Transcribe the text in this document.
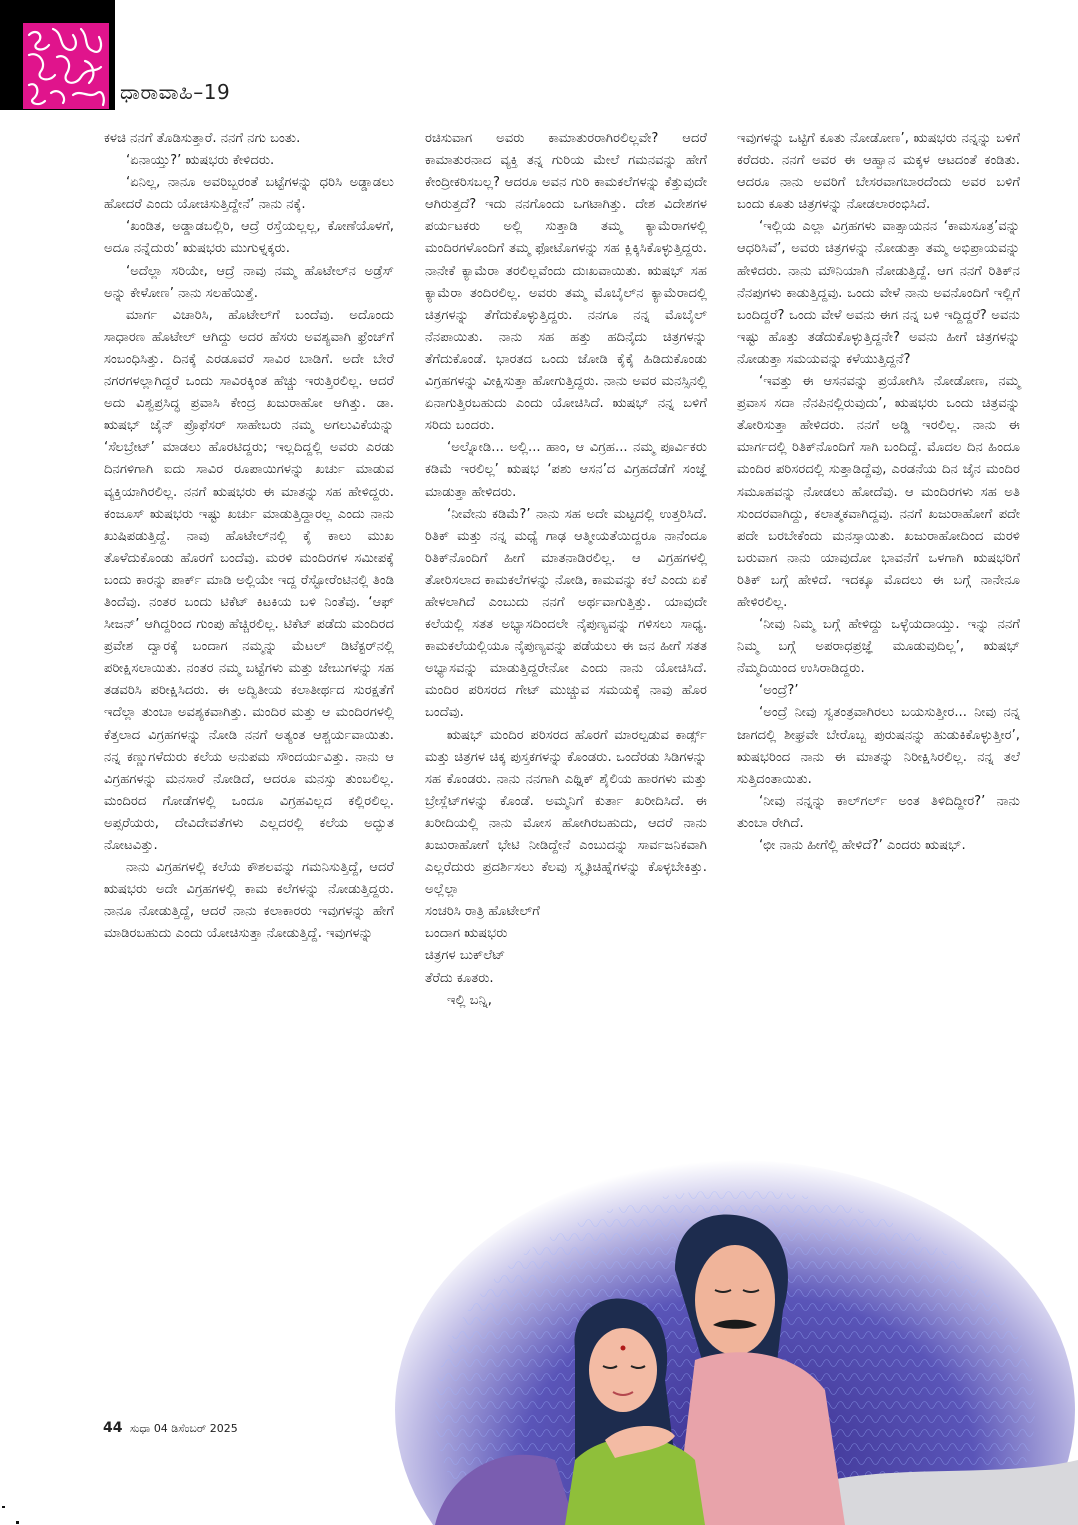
ಧಾರಾವಾಹಿ–19

ಕಳಚಿ ನನಗೆ ತೊಡಿಸುತ್ತಾರೆ. ನನಗೆ ನಗು ಬಂತು.

‘ಏನಾಯ್ತು?’ ಋಷಭರು ಕೇಳಿದರು.

‘ಏನಿಲ್ಲ, ನಾನೂ ಅವರಿಬ್ಬರಂತೆ ಬಟ್ಟೆಗಳನ್ನು ಧರಿಸಿ ಅಡ್ಡಾಡಲು ಹೋದರೆ ಎಂದು ಯೋಚಿಸುತ್ತಿದ್ದೇನೆ’ ನಾನು ನಕ್ಕೆ.

‘ಖಂಡಿತ, ಅಡ್ಡಾಡಬಲ್ಲಿರಿ, ಆದ್ರೆ ರಸ್ತೆಯಲ್ಲಲ್ಲ, ಕೋಣೆಯೊಳಗೆ, ಅದೂ ನನ್ನೆದುರು’ ಋಷಭರು ಮುಗುಳ್ನಕ್ಕರು.

‘ಅದೆಲ್ಲಾ ಸರಿಯೇ, ಆದ್ರೆ ನಾವು ನಮ್ಮ ಹೊಟೇಲ್‌ನ ಅಡ್ರೆಸ್ ಅನ್ನು ಕೇಳೋಣ’ ನಾನು ಸಲಹೆಯಿತ್ತೆ.

ಮಾರ್ಗ ವಿಚಾರಿಸಿ, ಹೊಟೇಲ್‌ಗೆ ಬಂದೆವು. ಅದೊಂದು ಸಾಧಾರಣ ಹೊಟೇಲ್ ಆಗಿದ್ದು ಅದರ ಹೆಸರು ಅವಶ್ಯವಾಗಿ ಫ್ರೆಂಚ್‌ಗೆ ಸಂಬಂಧಿಸಿತ್ತು. ದಿನಕ್ಕೆ ಎರಡೂವರೆ ಸಾವಿರ ಬಾಡಿಗೆ. ಅದೇ ಬೇರೆ ನಗರಗಳಲ್ಲಾಗಿದ್ದರೆ ಒಂದು ಸಾವಿರಕ್ಕಿಂತ ಹೆಚ್ಚು ಇರುತ್ತಿರಲಿಲ್ಲ. ಆದರೆ ಅದು ವಿಶ್ವಪ್ರಸಿದ್ಧ ಪ್ರವಾಸಿ ಕೇಂದ್ರ ಖಜುರಾಹೋ ಆಗಿತ್ತು. ಡಾ. ಋಷಭ್ ಜೈನ್ ಪ್ರೊಫೆಸರ್ ಸಾಹೇಬರು ನಮ್ಮ ಅಗಲುವಿಕೆಯನ್ನು ‘ಸೆಲಬ್ರೇಟ್’ ಮಾಡಲು ಹೊರಟಿದ್ದರು; ಇಲ್ಲದಿದ್ದಲ್ಲಿ ಅವರು ಎರಡು ದಿನಗಳಿಗಾಗಿ ಐದು ಸಾವಿರ ರೂಪಾಯಿಗಳನ್ನು ಖರ್ಚು ಮಾಡುವ ವ್ಯಕ್ತಿಯಾಗಿರಲಿಲ್ಲ. ನನಗೆ ಋಷಭರು ಈ ಮಾತನ್ನು ಸಹ ಹೇಳಿದ್ದರು. ಕಂಜೂಸ್ ಋಷಭರು ಇಷ್ಟು ಖರ್ಚು ಮಾಡುತ್ತಿದ್ದಾರಲ್ಲ ಎಂದು ನಾನು ಖುಷಿಪಡುತ್ತಿದ್ದೆ. ನಾವು ಹೊಟೇಲ್‌ನಲ್ಲಿ ಕೈ ಕಾಲು ಮುಖ ತೊಳೆದುಕೊಂಡು ಹೊರಗೆ ಬಂದೆವು. ಮರಳಿ ಮಂದಿರಗಳ ಸಮೀಪಕ್ಕೆ ಬಂದು ಕಾರನ್ನು ಪಾರ್ಕ್ ಮಾಡಿ ಅಲ್ಲಿಯೇ ಇದ್ದ ರೆಸ್ಟೋರೆಂಟಿನಲ್ಲಿ ತಿಂಡಿ ತಿಂದೆವು. ನಂತರ ಬಂದು ಟಿಕೆಟ್ ಕಿಟಕಿಯ ಬಳಿ ನಿಂತೆವು. ‘ಆಫ್ ಸೀಜನ್’ ಆಗಿದ್ದರಿಂದ ಗುಂಪು ಹೆಚ್ಚಿರಲಿಲ್ಲ. ಟಿಕೆಟ್ ಪಡೆದು ಮಂದಿರದ ಪ್ರವೇಶ ದ್ವಾರಕ್ಕೆ ಬಂದಾಗ ನಮ್ಮನ್ನು ಮೆಟಲ್ ಡಿಟೆಕ್ಟರ್‌ನಲ್ಲಿ ಪರೀಕ್ಷಿಸಲಾಯಿತು. ನಂತರ ನಮ್ಮ ಬಟ್ಟೆಗಳು ಮತ್ತು ಜೇಬುಗಳನ್ನು ಸಹ ತಡವರಿಸಿ ಪರೀಕ್ಷಿಸಿದರು. ಈ ಅದ್ವಿತೀಯ ಕಲಾತೀರ್ಥದ ಸುರಕ್ಷತೆಗೆ ಇದೆಲ್ಲಾ ತುಂಬಾ ಅವಶ್ಯಕವಾಗಿತ್ತು. ಮಂದಿರ ಮತ್ತು ಆ ಮಂದಿರಗಳಲ್ಲಿ ಕೆತ್ತಲಾದ ವಿಗ್ರಹಗಳನ್ನು ನೋಡಿ ನನಗೆ ಅತ್ಯಂತ ಆಶ್ಚರ್ಯವಾಯಿತು. ನನ್ನ ಕಣ್ಣುಗಳೆದುರು ಕಲೆಯ ಅನುಪಮ ಸೌಂದರ್ಯವಿತ್ತು. ನಾನು ಆ ವಿಗ್ರಹಗಳನ್ನು ಮನಸಾರೆ ನೋಡಿದೆ, ಆದರೂ ಮನಸ್ಸು ತುಂಬಲಿಲ್ಲ. ಮಂದಿರದ ಗೋಡೆಗಳಲ್ಲಿ ಒಂದೂ ವಿಗ್ರಹವಿಲ್ಲದ ಕಲ್ಲಿರಲಿಲ್ಲ. ಅಪ್ಸರೆಯರು, ದೇವಿದೇವತೆಗಳು ಎಲ್ಲದರಲ್ಲಿ ಕಲೆಯ ಅದ್ಭುತ ನೋಟವಿತ್ತು.

ನಾನು ವಿಗ್ರಹಗಳಲ್ಲಿ ಕಲೆಯ ಕೌಶಲವನ್ನು ಗಮನಿಸುತ್ತಿದ್ದೆ, ಆದರೆ ಋಷಭರು ಅದೇ ವಿಗ್ರಹಗಳಲ್ಲಿ ಕಾಮ ಕಲೆಗಳನ್ನು ನೋಡುತ್ತಿದ್ದರು. ನಾನೂ ನೋಡುತ್ತಿದ್ದೆ, ಆದರೆ ನಾನು ಕಲಾಕಾರರು ಇವುಗಳನ್ನು ಹೇಗೆ ಮಾಡಿರಬಹುದು ಎಂದು ಯೋಚಿಸುತ್ತಾ ನೋಡುತ್ತಿದ್ದೆ. ಇವುಗಳನ್ನು

ರಚಿಸುವಾಗ ಅವರು ಕಾಮಾತುರರಾಗಿರಲಿಲ್ಲವೇ? ಆದರೆ ಕಾಮಾತುರನಾದ ವ್ಯಕ್ತಿ ತನ್ನ ಗುರಿಯ ಮೇಲೆ ಗಮನವನ್ನು ಹೇಗೆ ಕೇಂದ್ರೀಕರಿಸಬಲ್ಲ? ಆದರೂ ಅವನ ಗುರಿ ಕಾಮಕಲೆಗಳನ್ನು ಕೆತ್ತುವುದೇ ಆಗಿರುತ್ತದೆ? ಇದು ನನಗೊಂದು ಒಗಟಾಗಿತ್ತು. ದೇಶ ವಿದೇಶಗಳ ಪರ್ಯಟಕರು ಅಲ್ಲಿ ಸುತ್ತಾಡಿ ತಮ್ಮ ಕ್ಯಾಮೆರಾಗಳಲ್ಲಿ ಮಂದಿರಗಳೊಂದಿಗೆ ತಮ್ಮ ಫೋಟೊಗಳನ್ನು ಸಹ ಕ್ಲಿಕ್ಕಿಸಿಕೊಳ್ಳುತ್ತಿದ್ದರು. ನಾನೇಕೆ ಕ್ಯಾಮೆರಾ ತರಲಿಲ್ಲವೆಂದು ದುಃಖವಾಯಿತು. ಋಷಭ್ ಸಹ ಕ್ಯಾಮೆರಾ ತಂದಿರಲಿಲ್ಲ. ಅವರು ತಮ್ಮ ಮೊಬೈಲ್‌ನ ಕ್ಯಾಮೆರಾದಲ್ಲಿ ಚಿತ್ರಗಳನ್ನು ತೆಗೆದುಕೊಳ್ಳುತ್ತಿದ್ದರು. ನನಗೂ ನನ್ನ ಮೊಬೈಲ್ ನೆನಪಾಯಿತು. ನಾನು ಸಹ ಹತ್ತು ಹದಿನೈದು ಚಿತ್ರಗಳನ್ನು ತೆಗೆದುಕೊಂಡೆ. ಭಾರತದ ಒಂದು ಜೋಡಿ ಕೈಕೈ ಹಿಡಿದುಕೊಂಡು ವಿಗ್ರಹಗಳನ್ನು ವೀಕ್ಷಿಸುತ್ತಾ ಹೋಗುತ್ತಿದ್ದರು. ನಾನು ಅವರ ಮನಸ್ಸಿನಲ್ಲಿ ಏನಾಗುತ್ತಿರಬಹುದು ಎಂದು ಯೋಚಿಸಿದೆ. ಋಷಭ್ ನನ್ನ ಬಳಿಗೆ ಸರಿದು ಬಂದರು.

‘ಅಲ್ನೋಡಿ... ಅಲ್ಲಿ... ಹಾಂ, ಆ ವಿಗ್ರಹ... ನಮ್ಮ ಪೂರ್ವಿಕರು ಕಡಿಮೆ ಇರಲಿಲ್ಲ’ ಋಷಭ ‘ಪಶು ಆಸನ’ದ ವಿಗ್ರಹದೆಡೆಗೆ ಸಂಜ್ಞೆ ಮಾಡುತ್ತಾ ಹೇಳಿದರು.

‘ನೀವೇನು ಕಡಿಮೆ?’ ನಾನು ಸಹ ಅದೇ ಮಟ್ಟದಲ್ಲಿ ಉತ್ತರಿಸಿದೆ. ರಿತಿಕ್ ಮತ್ತು ನನ್ನ ಮಧ್ಯೆ ಗಾಢ ಆತ್ಮೀಯತೆಯಿದ್ದರೂ ನಾನೆಂದೂ ರಿತಿಕ್‌ನೊಂದಿಗೆ ಹೀಗೆ ಮಾತನಾಡಿರಲಿಲ್ಲ. ಆ ವಿಗ್ರಹಗಳಲ್ಲಿ ತೋರಿಸಲಾದ ಕಾಮಕಲೆಗಳನ್ನು ನೋಡಿ, ಕಾಮವನ್ನು ಕಲೆ ಎಂದು ಏಕೆ ಹೇಳಲಾಗಿದೆ ಎಂಬುದು ನನಗೆ ಅರ್ಥವಾಗುತ್ತಿತ್ತು. ಯಾವುದೇ ಕಲೆಯಲ್ಲಿ ಸತತ ಅಭ್ಯಾಸದಿಂದಲೇ ನೈಪುಣ್ಯವನ್ನು ಗಳಿಸಲು ಸಾಧ್ಯ. ಕಾಮಕಲೆಯಲ್ಲಿಯೂ ನೈಪುಣ್ಯವನ್ನು ಪಡೆಯಲು ಈ ಜನ ಹೀಗೆ ಸತತ ಅಭ್ಯಾಸವನ್ನು ಮಾಡುತ್ತಿದ್ದರೇನೋ ಎಂದು ನಾನು ಯೋಚಿಸಿದೆ. ಮಂದಿರ ಪರಿಸರದ ಗೇಟ್ ಮುಚ್ಚುವ ಸಮಯಕ್ಕೆ ನಾವು ಹೊರ ಬಂದೆವು.

ಋಷಭ್ ಮಂದಿರ ಪರಿಸರದ ಹೊರಗೆ ಮಾರಲ್ಪಡುವ ಕಾರ್ಡ್ಸ್ ಮತ್ತು ಚಿತ್ರಗಳ ಚಿಕ್ಕ ಪುಸ್ತಕಗಳನ್ನು ಕೊಂಡರು. ಒಂದೆರಡು ಸಿಡಿಗಳನ್ನು ಸಹ ಕೊಂಡರು. ನಾನು ನನಗಾಗಿ ಎಥ್ನಿಕ್ ಶೈಲಿಯ ಹಾರಗಳು ಮತ್ತು ಬ್ರೇಸ್ಲೆಟ್‌ಗಳನ್ನು ಕೊಂಡೆ. ಅಮ್ಮನಿಗೆ ಕುರ್ತಾ ಖರೀದಿಸಿದೆ. ಈ ಖರೀದಿಯಲ್ಲಿ ನಾನು ಮೋಸ ಹೋಗಿರಬಹುದು, ಆದರೆ ನಾನು ಖಜುರಾಹೋಗೆ ಭೇಟಿ ನೀಡಿದ್ದೇನೆ ಎಂಬುದನ್ನು ಸಾರ್ವಜನಿಕವಾಗಿ ಎಲ್ಲರೆದುರು ಪ್ರದರ್ಶಿಸಲು ಕೆಲವು ಸ್ಮೃತಿಚಿಹ್ನೆಗಳನ್ನು ಕೊಳ್ಳಬೇಕಿತ್ತು. ಅಲ್ಲೆಲ್ಲಾ

ಸಂಚರಿಸಿ ರಾತ್ರಿ ಹೊಟೇಲ್‌ಗೆ

ಬಂದಾಗ ಋಷಭರು

ಚಿತ್ರಗಳ ಬುಕ್‌ಲೆಟ್

ತೆರೆದು ಕೂತರು.

ಇಲ್ಲಿ ಬನ್ನಿ,

ಇವುಗಳನ್ನು ಒಟ್ಟಿಗೆ ಕೂತು ನೋಡೋಣ’, ಋಷಭರು ನನ್ನನ್ನು ಬಳಿಗೆ ಕರೆದರು. ನನಗೆ ಅವರ ಈ ಆಹ್ವಾನ ಮಕ್ಕಳ ಆಟದಂತೆ ಕಂಡಿತು. ಆದರೂ ನಾನು ಅವರಿಗೆ ಬೇಸರವಾಗಬಾರದೆಂದು ಅವರ ಬಳಿಗೆ ಬಂದು ಕೂತು ಚಿತ್ರಗಳನ್ನು ನೋಡಲಾರಂಭಿಸಿದೆ.

‘ಇಲ್ಲಿಯ ಎಲ್ಲಾ ವಿಗ್ರಹಗಳು ವಾತ್ಸಾಯನನ ‘ಕಾಮಸೂತ್ರ’ವನ್ನು ಆಧರಿಸಿವೆ’, ಅವರು ಚಿತ್ರಗಳನ್ನು ನೋಡುತ್ತಾ ತಮ್ಮ ಅಭಿಪ್ರಾಯವನ್ನು ಹೇಳಿದರು. ನಾನು ಮೌನಿಯಾಗಿ ನೋಡುತ್ತಿದ್ದೆ. ಆಗ ನನಗೆ ರಿತಿಕ್‌ನ ನೆನಪುಗಳು ಕಾಡುತ್ತಿದ್ದವು. ಒಂದು ವೇಳೆ ನಾನು ಅವನೊಂದಿಗೆ ಇಲ್ಲಿಗೆ ಬಂದಿದ್ದರೆ? ಒಂದು ವೇಳೆ ಅವನು ಈಗ ನನ್ನ ಬಳಿ ಇದ್ದಿದ್ದರೆ? ಅವನು ಇಷ್ಟು ಹೊತ್ತು ತಡೆದುಕೊಳ್ಳುತ್ತಿದ್ದನೇ? ಅವನು ಹೀಗೆ ಚಿತ್ರಗಳನ್ನು ನೋಡುತ್ತಾ ಸಮಯವನ್ನು ಕಳೆಯುತ್ತಿದ್ದನೆ?

‘ಇವತ್ತು ಈ ಆಸನವನ್ನು ಪ್ರಯೋಗಿಸಿ ನೋಡೋಣ, ನಮ್ಮ ಪ್ರವಾಸ ಸದಾ ನೆನಪಿನಲ್ಲಿರುವುದು’, ಋಷಭರು ಒಂದು ಚಿತ್ರವನ್ನು ತೋರಿಸುತ್ತಾ ಹೇಳಿದರು. ನನಗೆ ಅಡ್ಡಿ ಇರಲಿಲ್ಲ. ನಾನು ಈ ಮಾರ್ಗದಲ್ಲಿ ರಿತಿಕ್‌ನೊಂದಿಗೆ ಸಾಗಿ ಬಂದಿದ್ದೆ. ಮೊದಲ ದಿನ ಹಿಂದೂ ಮಂದಿರ ಪರಿಸರದಲ್ಲಿ ಸುತ್ತಾಡಿದ್ದೆವು, ಎರಡನೆಯ ದಿನ ಜೈನ ಮಂದಿರ ಸಮೂಹವನ್ನು ನೋಡಲು ಹೋದೆವು. ಆ ಮಂದಿರಗಳು ಸಹ ಅತಿ ಸುಂದರವಾಗಿದ್ದು, ಕಲಾತ್ಮಕವಾಗಿದ್ದವು. ನನಗೆ ಖಜುರಾಹೋಗೆ ಪದೇ ಪದೇ ಬರಬೇಕೆಂದು ಮನಸ್ಸಾಯಿತು. ಖಜುರಾಹೋದಿಂದ ಮರಳಿ ಬರುವಾಗ ನಾನು ಯಾವುದೋ ಭಾವನೆಗೆ ಒಳಗಾಗಿ ಋಷಭರಿಗೆ ರಿತಿಕ್ ಬಗ್ಗೆ ಹೇಳಿದೆ. ಇದಕ್ಕೂ ಮೊದಲು ಈ ಬಗ್ಗೆ ನಾನೇನೂ ಹೇಳಿರಲಿಲ್ಲ.

‘ನೀವು ನಿಮ್ಮ ಬಗ್ಗೆ ಹೇಳಿದ್ದು ಒಳ್ಳೆಯದಾಯ್ತು. ಇನ್ನು ನನಗೆ ನಿಮ್ಮ ಬಗ್ಗೆ ಅಪರಾಧಪ್ರಜ್ಞೆ ಮೂಡುವುದಿಲ್ಲ’, ಋಷಭ್ ನೆಮ್ಮದಿಯಿಂದ ಉಸಿರಾಡಿದ್ದರು.

‘ಅಂದ್ರೆ?’

‘ಅಂದ್ರೆ ನೀವು ಸ್ವತಂತ್ರವಾಗಿರಲು ಬಯಸುತ್ತೀರ... ನೀವು ನನ್ನ ಜಾಗದಲ್ಲಿ ಶೀಘ್ರವೇ ಬೇರೊಬ್ಬ ಪುರುಷನನ್ನು ಹುಡುಕಿಕೊಳ್ಳುತ್ತೀರ’, ಋಷಭರಿಂದ ನಾನು ಈ ಮಾತನ್ನು ನಿರೀಕ್ಷಿಸಿರಲಿಲ್ಲ. ನನ್ನ ತಲೆ ಸುತ್ತಿದಂತಾಯಿತು.

‘ನೀವು ನನ್ನನ್ನು ಕಾಲ್‌ಗರ್ಲ್ ಅಂತ ತಿಳಿದಿದ್ದೀರ?’ ನಾನು ತುಂಬಾ ರೇಗಿದೆ.

‘ಛೀ ನಾನು ಹೀಗೆಲ್ಲಿ ಹೇಳಿದೆ?’ ಎಂದರು ಋಷಭ್.

44 ಸುಧಾ 04 ಡಿಸೆಂಬರ್ 2025
